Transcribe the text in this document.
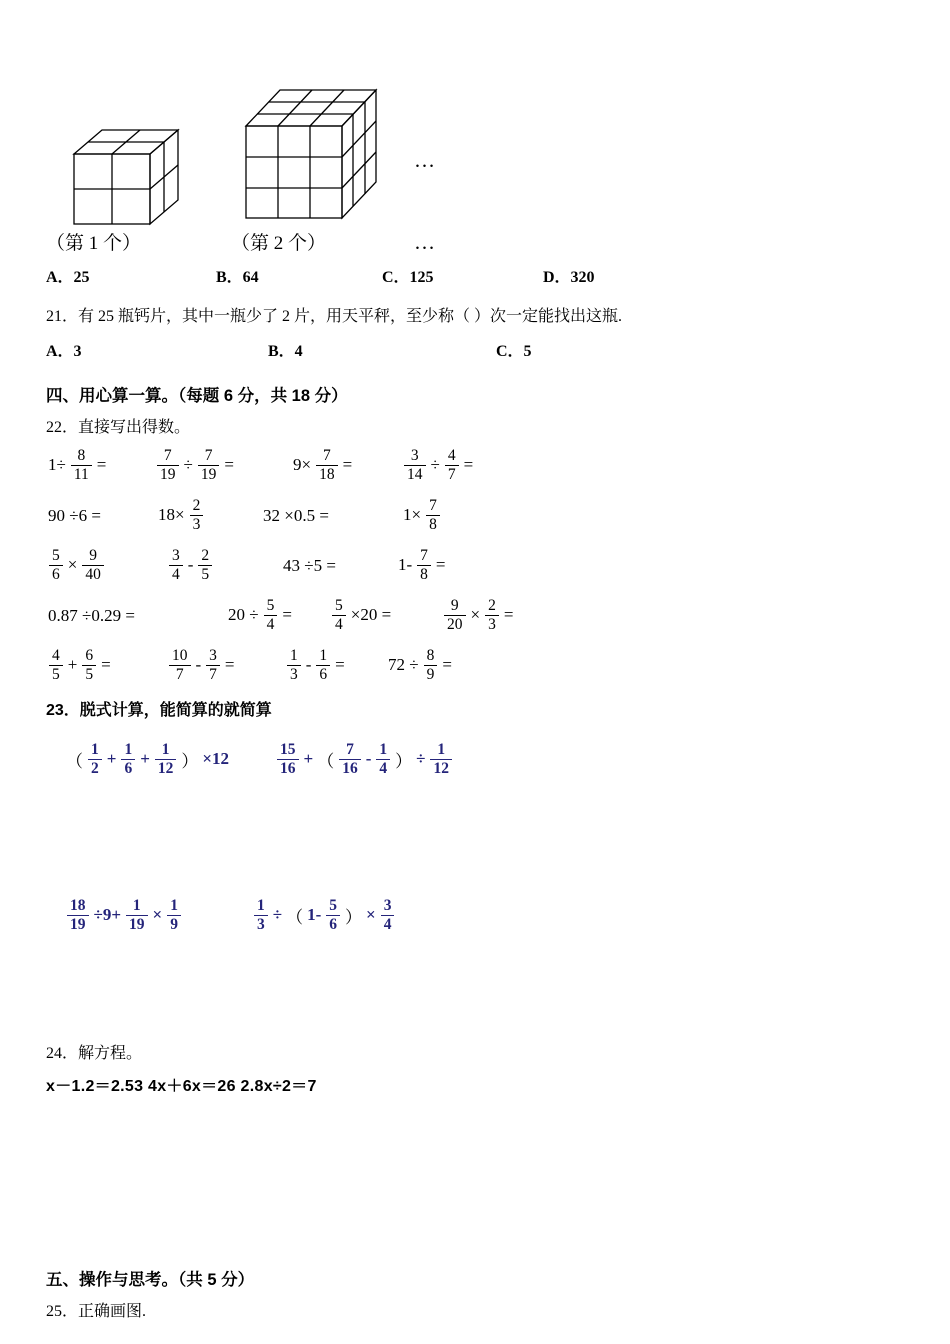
…
…
（第 1 个）	（第 2 个）
A．25	B．64	C．125	D．320
21．有 25 瓶钙片，其中一瓶少了 2 片，用天平秤，至少称（ ）次一定能找出这瓶.
A．3	B．4	C．5
四、用心算一算。（每题 6 分，共 18 分）
22．直接写出得数。
$1\div \frac{8}{11}$ =	$\frac{7}{19} \div \frac{7}{19}$ =	$9\times \frac{7}{18}$ =	$\frac{3}{14} \div \frac{4}{7}$ =
90 ÷6 =	$18\times \frac{2}{3}$	32 ×0.5 =	$1\times \frac{7}{8}$
$\frac{5}{6} \times \frac{9}{40}$	$\frac{3}{4} - \frac{2}{5}$	43 ÷5 =	$1- \frac{7}{8}$ =
0.87 ÷0.29 =	$20 \div \frac{5}{4}$ =	$\frac{5}{4} \times 20$ =	$\frac{9}{20} \times \frac{2}{3}$ =
$\frac{4}{5} + \frac{6}{5}$ =	$\frac{10}{7} - \frac{3}{7}$ =	$\frac{1}{3} - \frac{1}{6}$ =	$72 \div \frac{8}{9}$ =
23．脱式计算，能简算的就简算
（ $\frac{1}{2} + \frac{1}{6} + \frac{1}{12}$ ） ×12	$\frac{15}{16}$ + （ $\frac{7}{16} - \frac{1}{4}$ ） ÷ $\frac{1}{12}$
$\frac{18}{19} \div 9+ \frac{1}{19} \times \frac{1}{9}$	$\frac{1}{3}$ ÷ （ $1- \frac{5}{6}$ ） × $\frac{3}{4}$
24．解方程。
x－1.2＝2.53 4x＋6x＝26 2.8x÷2＝7
五、操作与思考。（共 5 分）
25．正确画图.
